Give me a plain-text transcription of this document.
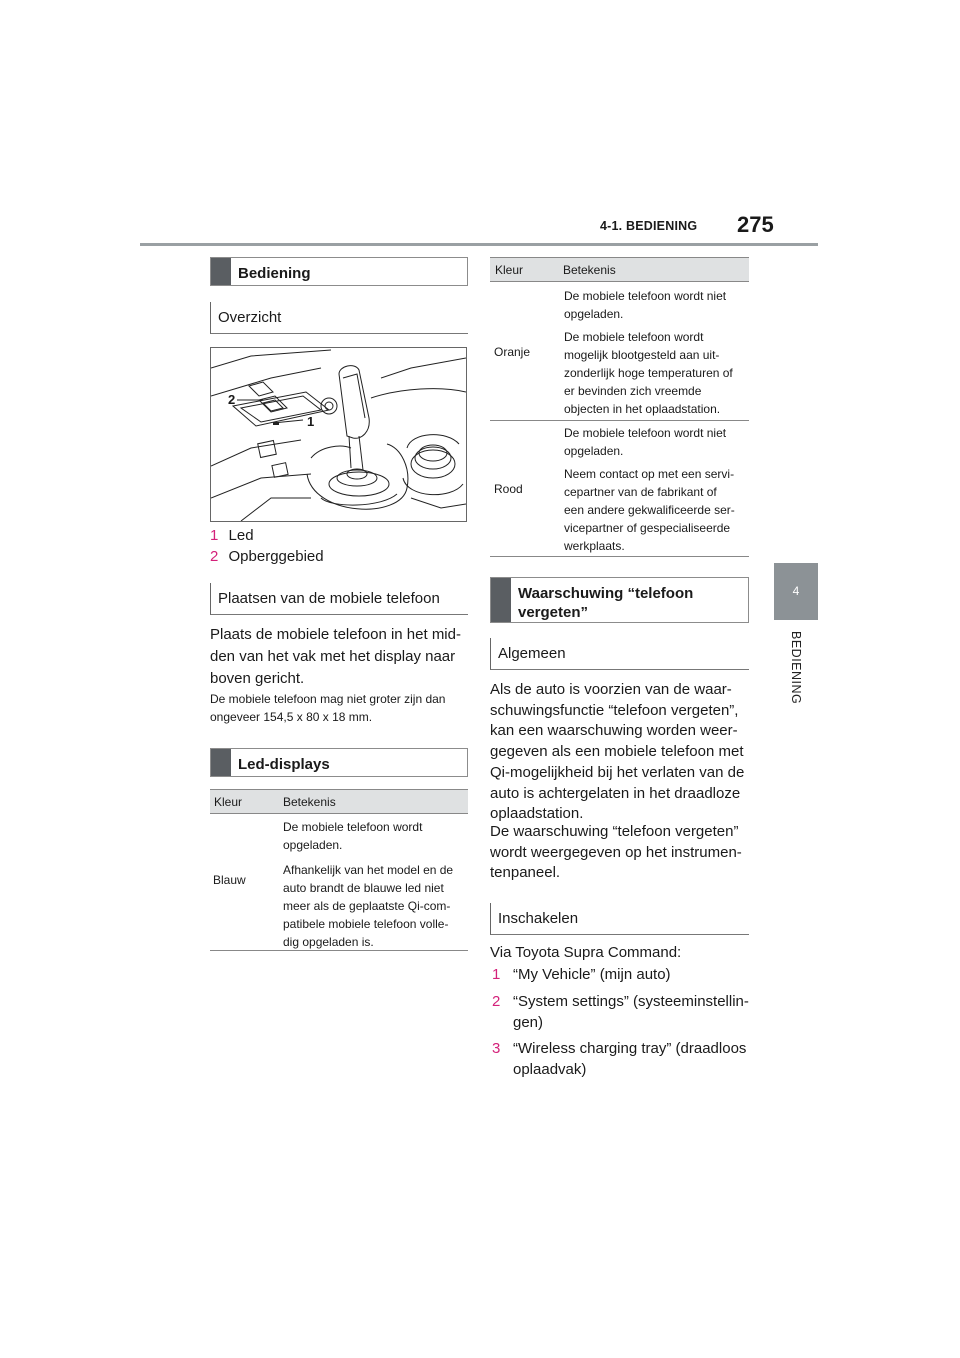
4-1. BEDIENING 275
4
BEDIENING
Bediening
Overzicht
2
1
1 Led
2 Opberggebied
Plaatsen van de mobiele telefoon
Plaats de mobiele telefoon in het mid-
den van het vak met het display naar
boven gericht.
De mobiele telefoon mag niet groter zijn dan
ongeveer 154,5 x 80 x 18 mm.
Led-displays
Kleur	Betekenis
Blauw
De mobiele telefoon wordt
opgeladen.
Afhankelijk van het model en de
auto brandt de blauwe led niet
meer als de geplaatste Qi-com-
patibele mobiele telefoon volle-
dig opgeladen is.
Kleur	Betekenis
Oranje
De mobiele telefoon wordt niet
opgeladen.
De mobiele telefoon wordt
mogelijk blootgesteld aan uit-
zonderlijk hoge temperaturen of
er bevinden zich vreemde
objecten in het oplaadstation.
Rood
De mobiele telefoon wordt niet
opgeladen.
Neem contact op met een servi-
cepartner van de fabrikant of
een andere gekwalificeerde ser-
vicepartner of gespecialiseerde
werkplaats.
Waarschuwing “telefoon
vergeten”
Algemeen
Als de auto is voorzien van de waar-
schuwingsfunctie “telefoon vergeten”,
kan een waarschuwing worden weer-
gegeven als een mobiele telefoon met
Qi-mogelijkheid bij het verlaten van de
auto is achtergelaten in het draadloze
oplaadstation.
De waarschuwing “telefoon vergeten”
wordt weergegeven op het instrumen-
tenpaneel.
Inschakelen
Via Toyota Supra Command:
1 “My Vehicle” (mijn auto)
2 “System settings” (systeeminstellin-
gen)
3 “Wireless charging tray” (draadloos
oplaadvak)
